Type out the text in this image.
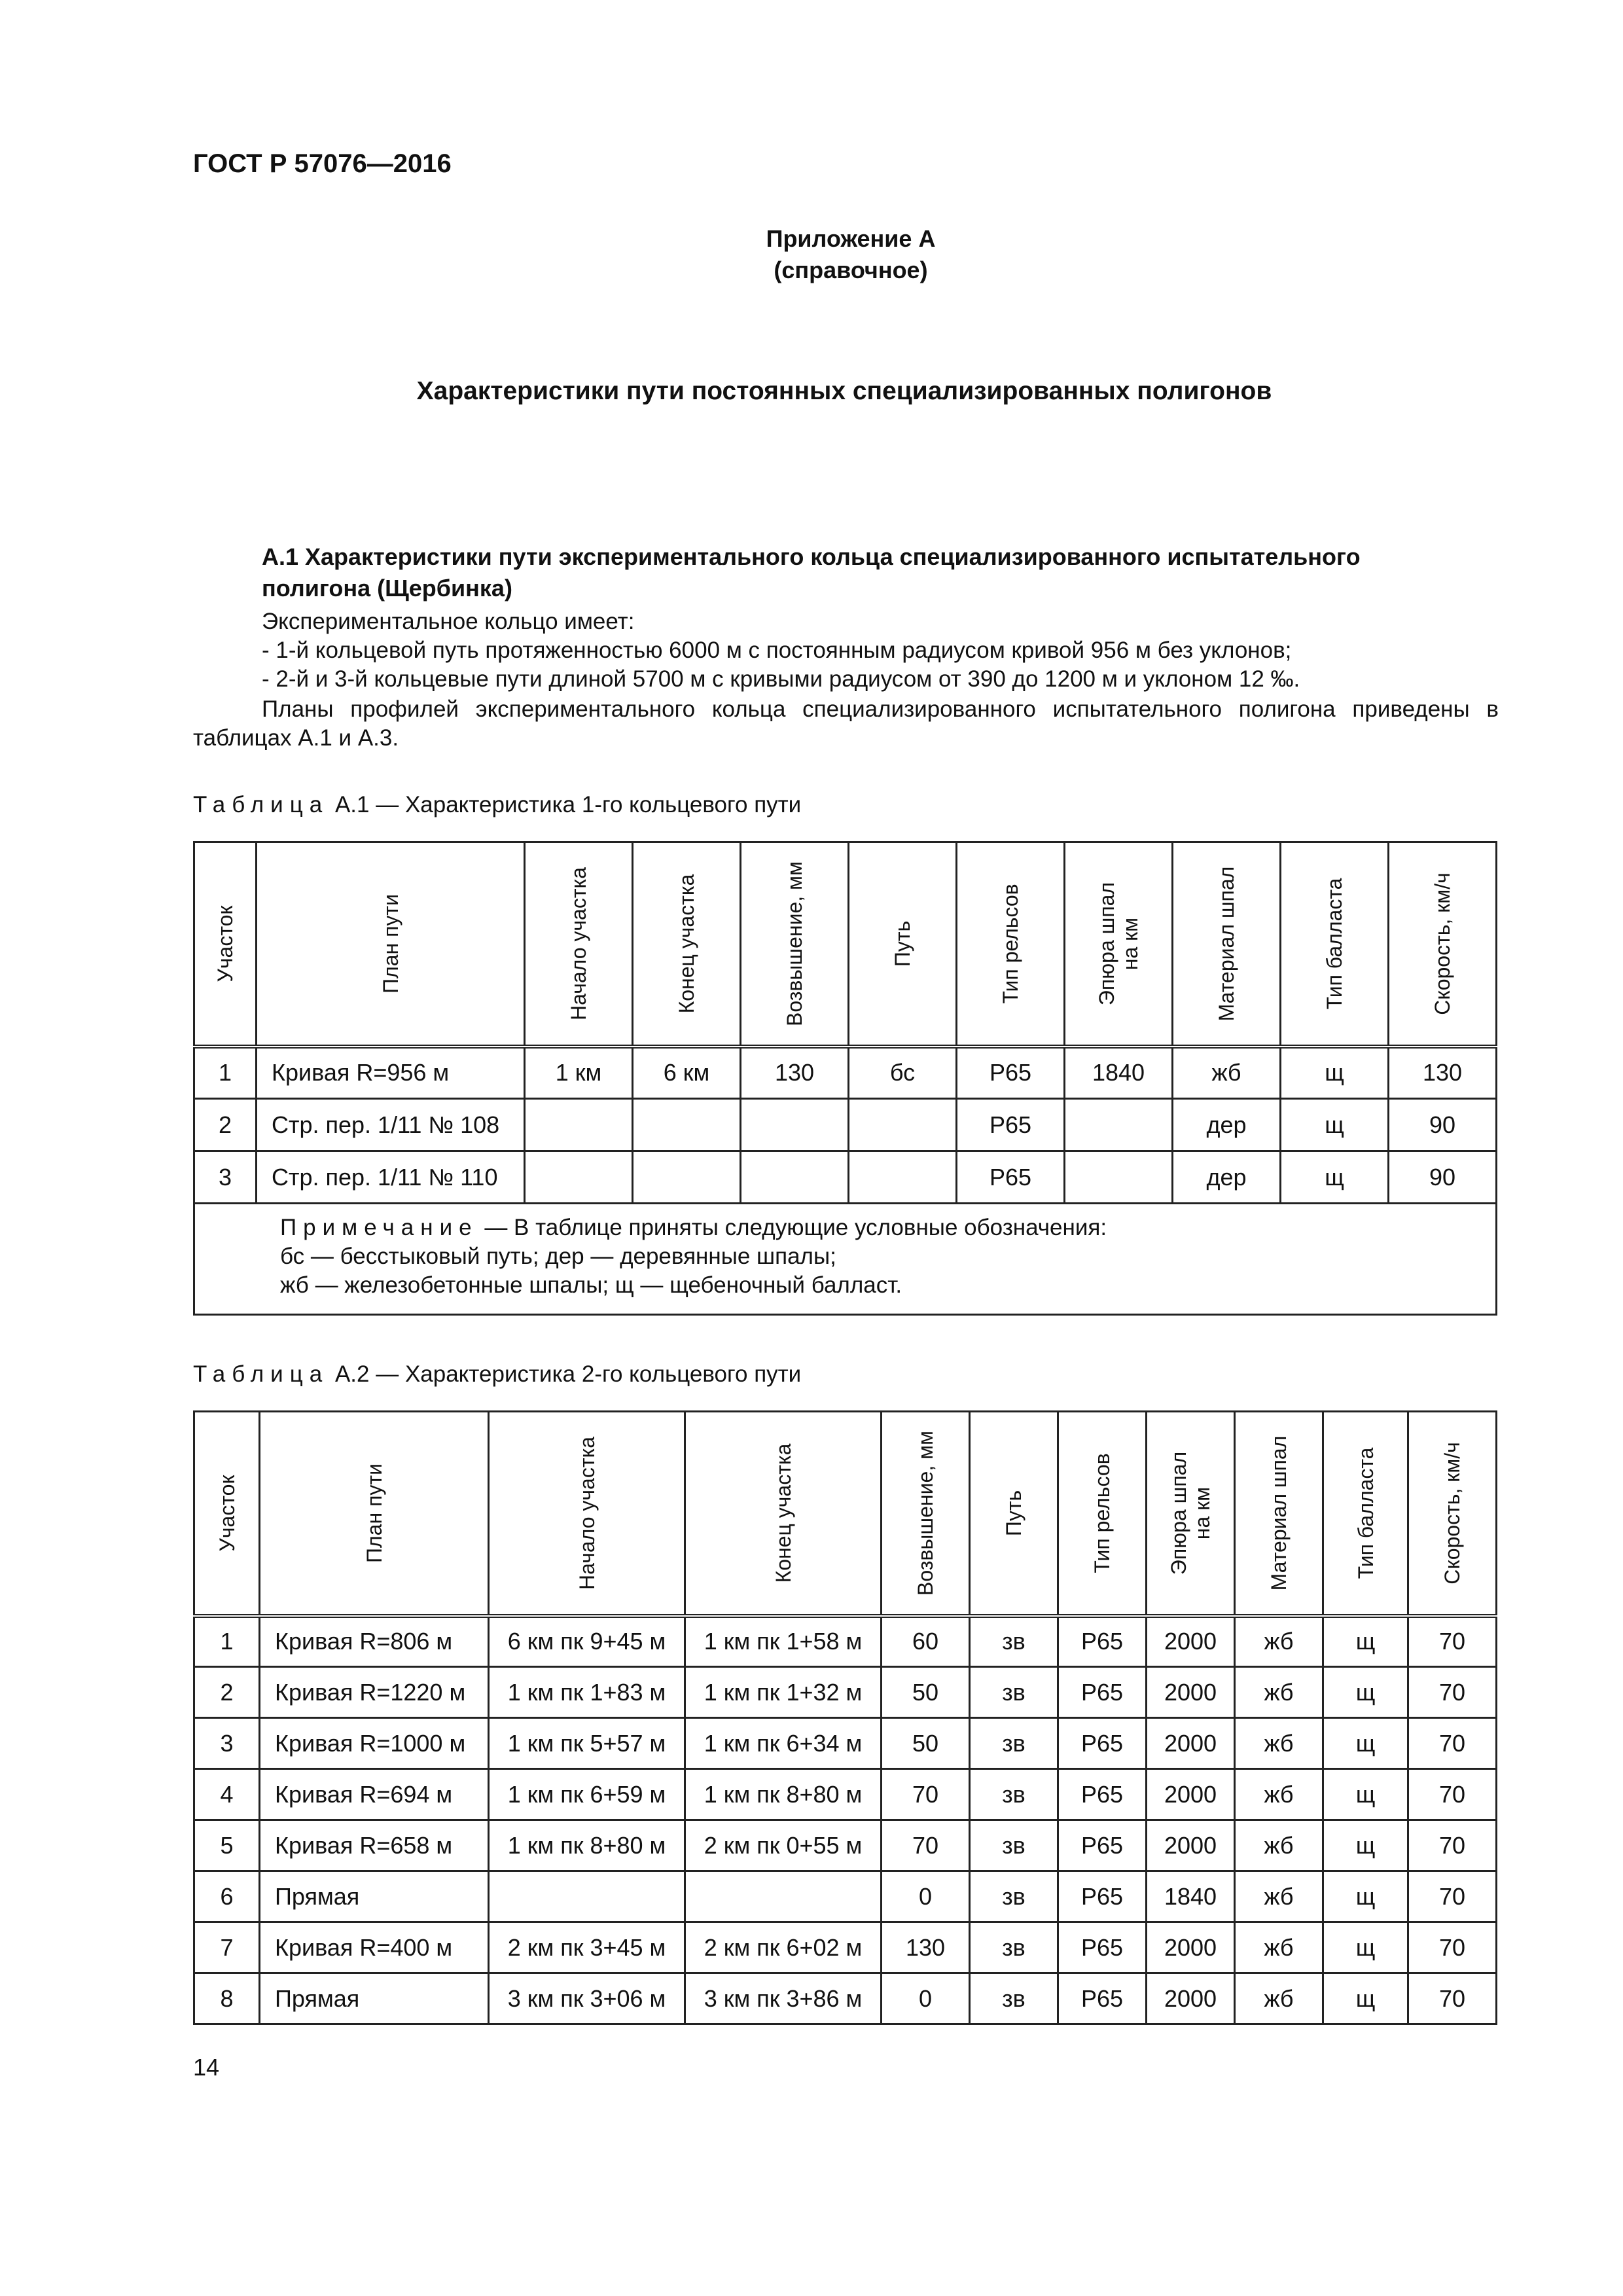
ГОСТ Р 57076—2016
Приложение А
(справочное)
Характеристики пути постоянных специализированных полигонов
А.1 Характеристики пути экспериментального кольца специализированного испытательного
полигона (Щербинка)
Экспериментальное кольцо имеет:
- 1-й кольцевой путь протяженностью 6000 м с постоянным радиусом кривой 956 м без уклонов;
- 2-й и 3-й кольцевые пути длиной 5700 м с кривыми радиусом от 390 до 1200 м и уклоном 12 ‰.
Планы профилей экспериментального кольца специализированного испытательного полигона приведены в
таблицах А.1 и А.3.
Таблица А.1 — Характеристика 1-го кольцевого пути
Участок	План пути	Начало участка	Конец участка	Возвышение, мм	Путь	Тип рельсов	Эпюра шпал
на км	Материал шпал	Тип балласта	Скорость, км/ч

1	Кривая R=956 м	1 км	6 км	130	бс	Р65	1840	жб	щ	130
2	Стр. пер. 1/11 № 108					Р65		дер	щ	90
3	Стр. пер. 1/11 № 110					Р65		дер	щ	90
Примечание — В таблице приняты следующие условные обозначения:
бс — бесстыковый путь; дер — деревянные шпалы;
жб — железобетонные шпалы; щ — щебеночный балласт.										
Таблица А.2 — Характеристика 2-го кольцевого пути
Участок	План пути	Начало участка	Конец участка	Возвышение, мм	Путь	Тип рельсов	Эпюра шпал
на км	Материал шпал	Тип балласта	Скорость, км/ч

1	Кривая R=806 м	6 км пк 9+45 м	1 км пк 1+58 м	60	зв	Р65	2000	жб	щ	70
2	Кривая R=1220 м	1 км пк 1+83 м	1 км пк 1+32 м	50	зв	Р65	2000	жб	щ	70
3	Кривая R=1000 м	1 км пк 5+57 м	1 км пк 6+34 м	50	зв	Р65	2000	жб	щ	70
4	Кривая R=694 м	1 км пк 6+59 м	1 км пк 8+80 м	70	зв	Р65	2000	жб	щ	70
5	Кривая R=658 м	1 км пк 8+80 м	2 км пк 0+55 м	70	зв	Р65	2000	жб	щ	70
6	Прямая			0	зв	Р65	1840	жб	щ	70
7	Кривая R=400 м	2 км пк 3+45 м	2 км пк 6+02 м	130	зв	Р65	2000	жб	щ	70
8	Прямая	3 км пк 3+06 м	3 км пк 3+86 м	0	зв	Р65	2000	жб	щ	70
14
